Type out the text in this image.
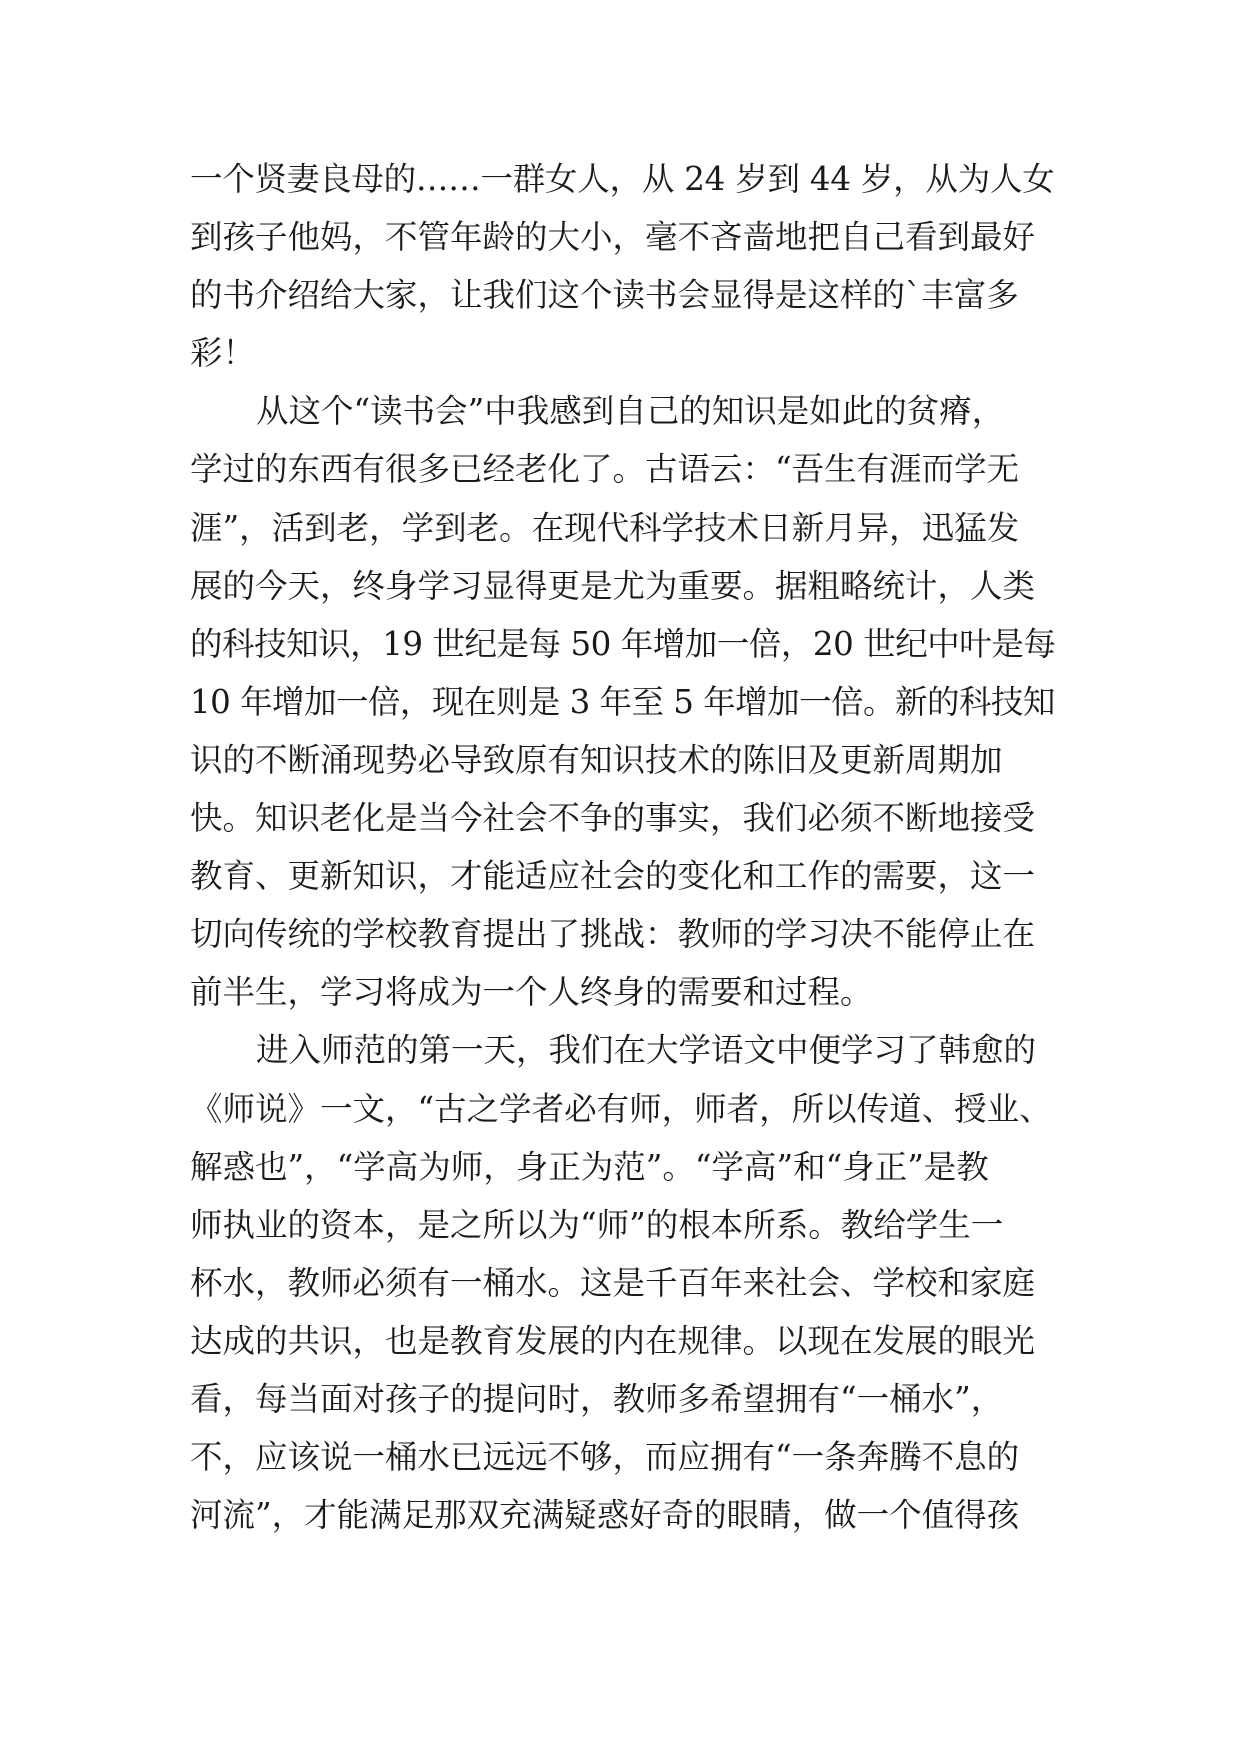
一个贤妻良母的……一群女人，从 24 岁到 44 岁，从为人女
到孩子他妈，不管年龄的大小，毫不吝啬地把自己看到最好
的书介绍给大家，让我们这个读书会显得是这样的`丰富多
彩！
从这个“读书会”中我感到自己的知识是如此的贫瘠，
学过的东西有很多已经老化了。古语云：“吾生有涯而学无
涯”，活到老，学到老。在现代科学技术日新月异，迅猛发
展的今天，终身学习显得更是尤为重要。据粗略统计，人类
的科技知识，19 世纪是每 50 年增加一倍，20 世纪中叶是每
10 年增加一倍，现在则是 3 年至 5 年增加一倍。新的科技知
识的不断涌现势必导致原有知识技术的陈旧及更新周期加
快。知识老化是当今社会不争的事实，我们必须不断地接受
教育、更新知识，才能适应社会的变化和工作的需要，这一
切向传统的学校教育提出了挑战：教师的学习决不能停止在
前半生，学习将成为一个人终身的需要和过程。
进入师范的第一天，我们在大学语文中便学习了韩愈的
《师说》一文，“古之学者必有师，师者，所以传道、授业、
解惑也”，“学高为师，身正为范”。“学高”和“身正”是教
师执业的资本，是之所以为“师”的根本所系。教给学生一
杯水，教师必须有一桶水。这是千百年来社会、学校和家庭
达成的共识，也是教育发展的内在规律。以现在发展的眼光
看，每当面对孩子的提问时，教师多希望拥有“一桶水”，
不，应该说一桶水已远远不够，而应拥有“一条奔腾不息的
河流”，才能满足那双充满疑惑好奇的眼睛，做一个值得孩
